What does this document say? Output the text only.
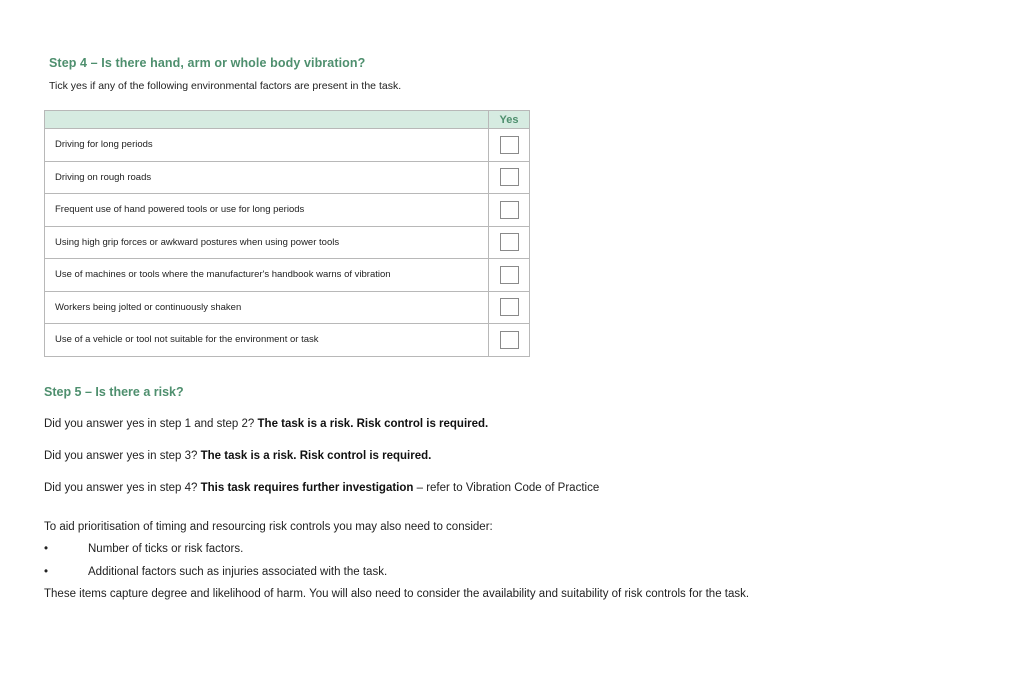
Step 4 – Is there hand, arm or whole body vibration?

Tick yes if any of the following environmental factors are present in the task.

	Yes
Driving for long periods	
Driving on rough roads	
Frequent use of hand powered tools or use for long periods	
Using high grip forces or awkward postures when using power tools	
Use of machines or tools where the manufacturer's handbook warns of vibration	
Workers being jolted or continuously shaken	
Use of a vehicle or tool not suitable for the environment or task	
Step 5 – Is there a risk?

Did you answer yes in step 1 and step 2? The task is a risk. Risk control is required.

Did you answer yes in step 3? The task is a risk. Risk control is required.

Did you answer yes in step 4? This task requires further investigation – refer to Vibration Code of Practice

To aid prioritisation of timing and resourcing risk controls you may also need to consider:

•	Number of ticks or risk factors.
•	Additional factors such as injuries associated with the task.

These items capture degree and likelihood of harm. You will also need to consider the availability and suitability of risk controls for the task.
